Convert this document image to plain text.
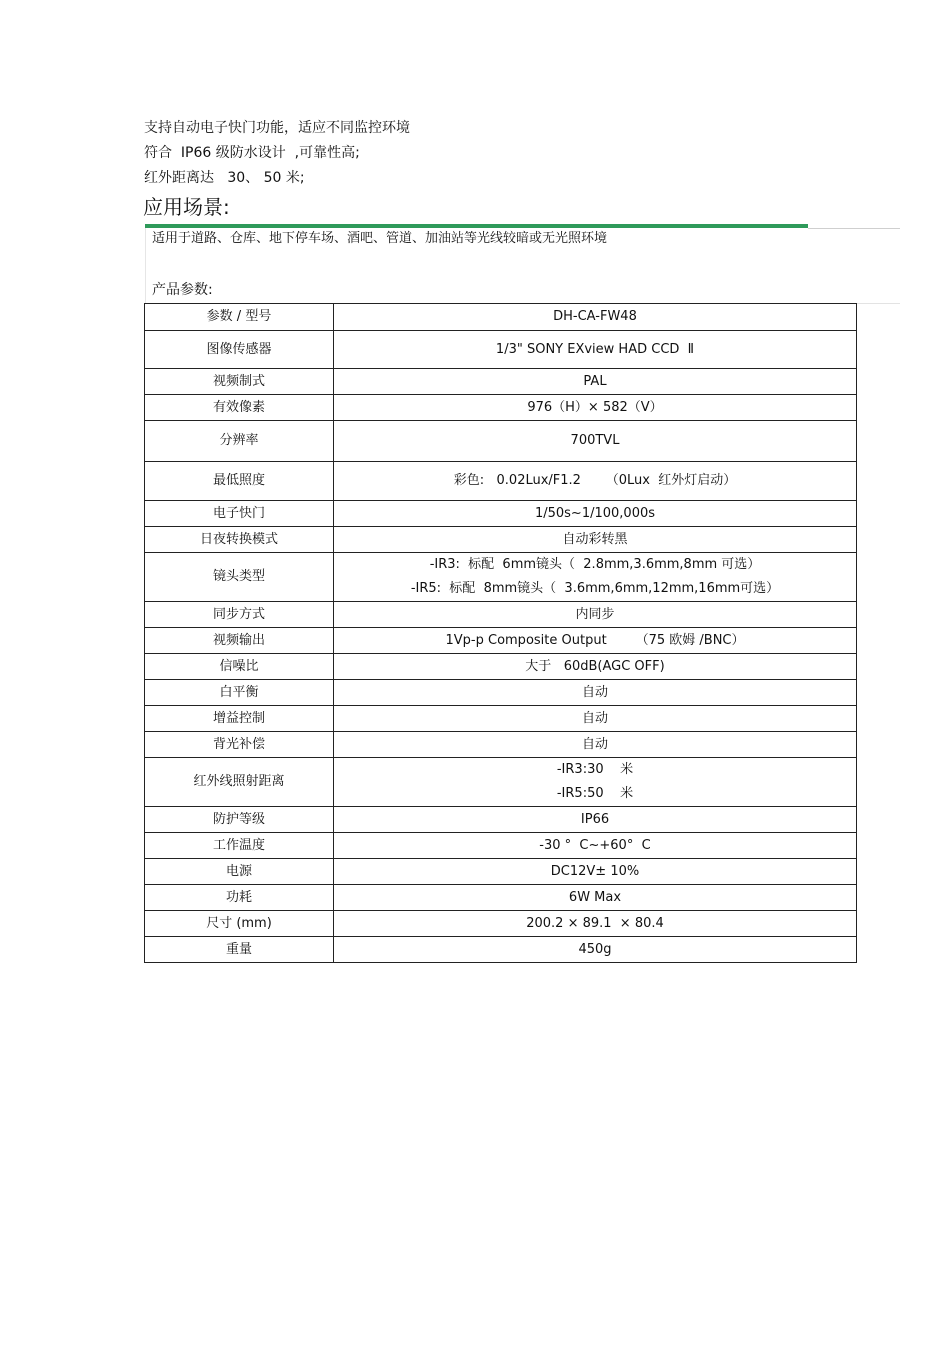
支持自动电子快门功能，适应不同监控环境
符合  IP66 级防水设计  ,可靠性高;
红外距离达   30、 50 米;
应用场景:
适用于道路、仓库、地下停车场、酒吧、管道、加油站等光线较暗或无光照环境
产品参数:
参数 / 型号	DH-CA-FW48
图像传感器	1/3" SONY EXview HAD CCD  Ⅱ
视频制式	PAL
有效像素	976（H）× 582（V）
分辨率	700TVL
最低照度	彩色:   0.02Lux/F1.2      （0Lux  红外灯启动）
电子快门	1/50s~1/100,000s
日夜转换模式	自动彩转黑
镜头类型	-IR3:  标配  6mm镜头（  2.8mm,3.6mm,8mm 可选）
-IR5:  标配  8mm镜头（  3.6mm,6mm,12mm,16mm可选）

同步方式	内同步
视频输出	1Vp-p Composite Output       （75 欧姆 /BNC）
信噪比	大于   60dB(AGC OFF)
白平衡	自动
增益控制	自动
背光补偿	自动
红外线照射距离	-IR3:30    米
-IR5:50    米

防护等级	IP66
工作温度	-30 °  C~+60°  C
电源	DC12V± 10%
功耗	6W Max
尺寸 (mm)	200.2 × 89.1  × 80.4
重量	450g
